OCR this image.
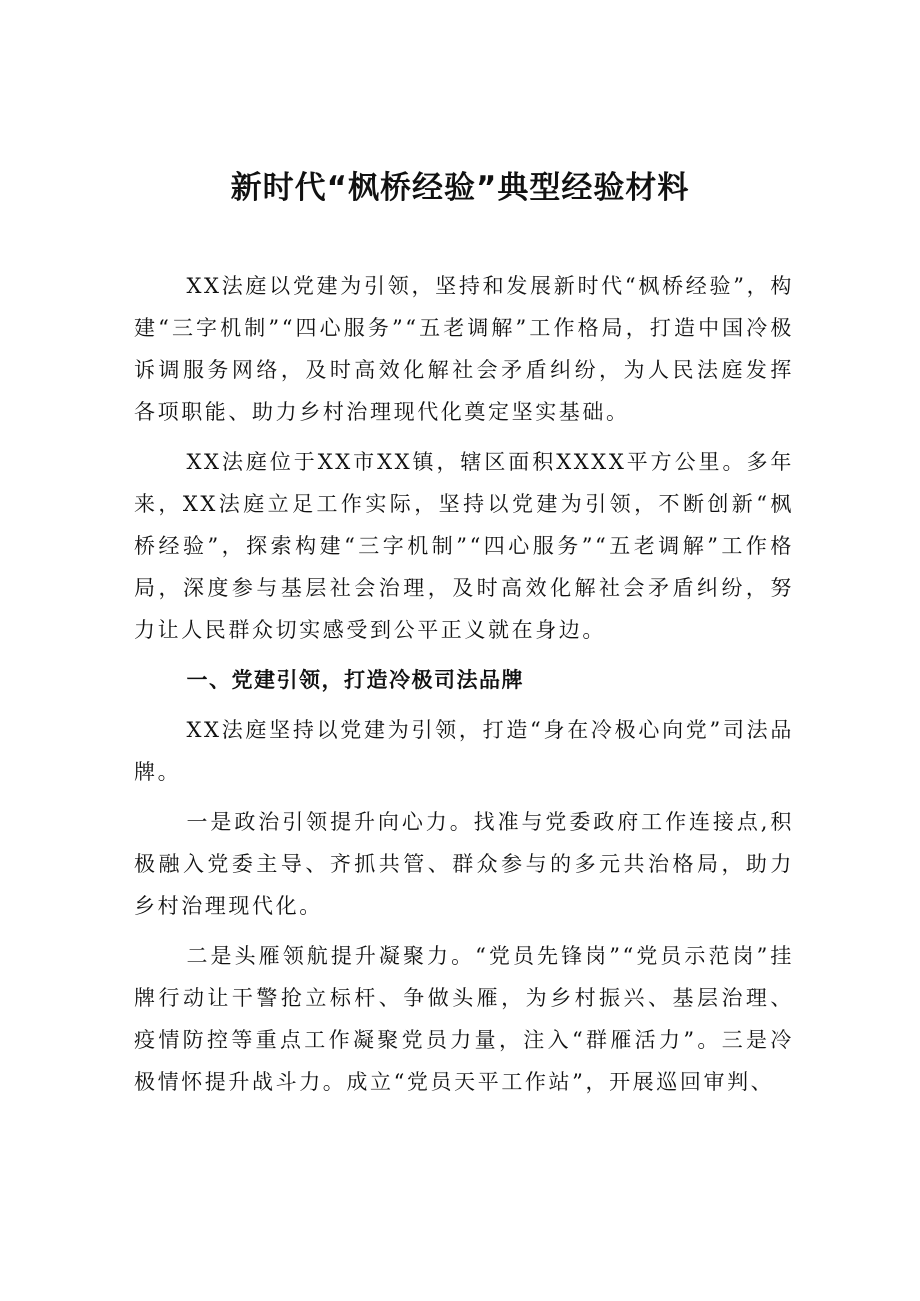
新时代“枫桥经验”典型经验材料

XX法庭以党建为引领，坚持和发展新时代“枫桥经验”，构建“三字机制”“四心服务”“五老调解”工作格局，打造中国冷极诉调服务网络，及时高效化解社会矛盾纠纷，为人民法庭发挥各项职能、助力乡村治理现代化奠定坚实基础。

XX法庭位于XX市XX镇，辖区面积XXXX平方公里。多年来，XX法庭立足工作实际，坚持以党建为引领，不断创新“枫桥经验”，探索构建“三字机制”“四心服务”“五老调解”工作格局，深度参与基层社会治理，及时高效化解社会矛盾纠纷，努力让人民群众切实感受到公平正义就在身边。

一、党建引领，打造冷极司法品牌

XX法庭坚持以党建为引领，打造“身在冷极心向党”司法品牌。

一是政治引领提升向心力。找准与党委政府工作连接点,积极融入党委主导、齐抓共管、群众参与的多元共治格局，助力乡村治理现代化。

二是头雁领航提升凝聚力。“党员先锋岗”“党员示范岗”挂牌行动让干警抢立标杆、争做头雁，为乡村振兴、基层治理、疫情防控等重点工作凝聚党员力量，注入“群雁活力”。三是冷极情怀提升战斗力。成立“党员天平工作站”，开展巡回审判、
